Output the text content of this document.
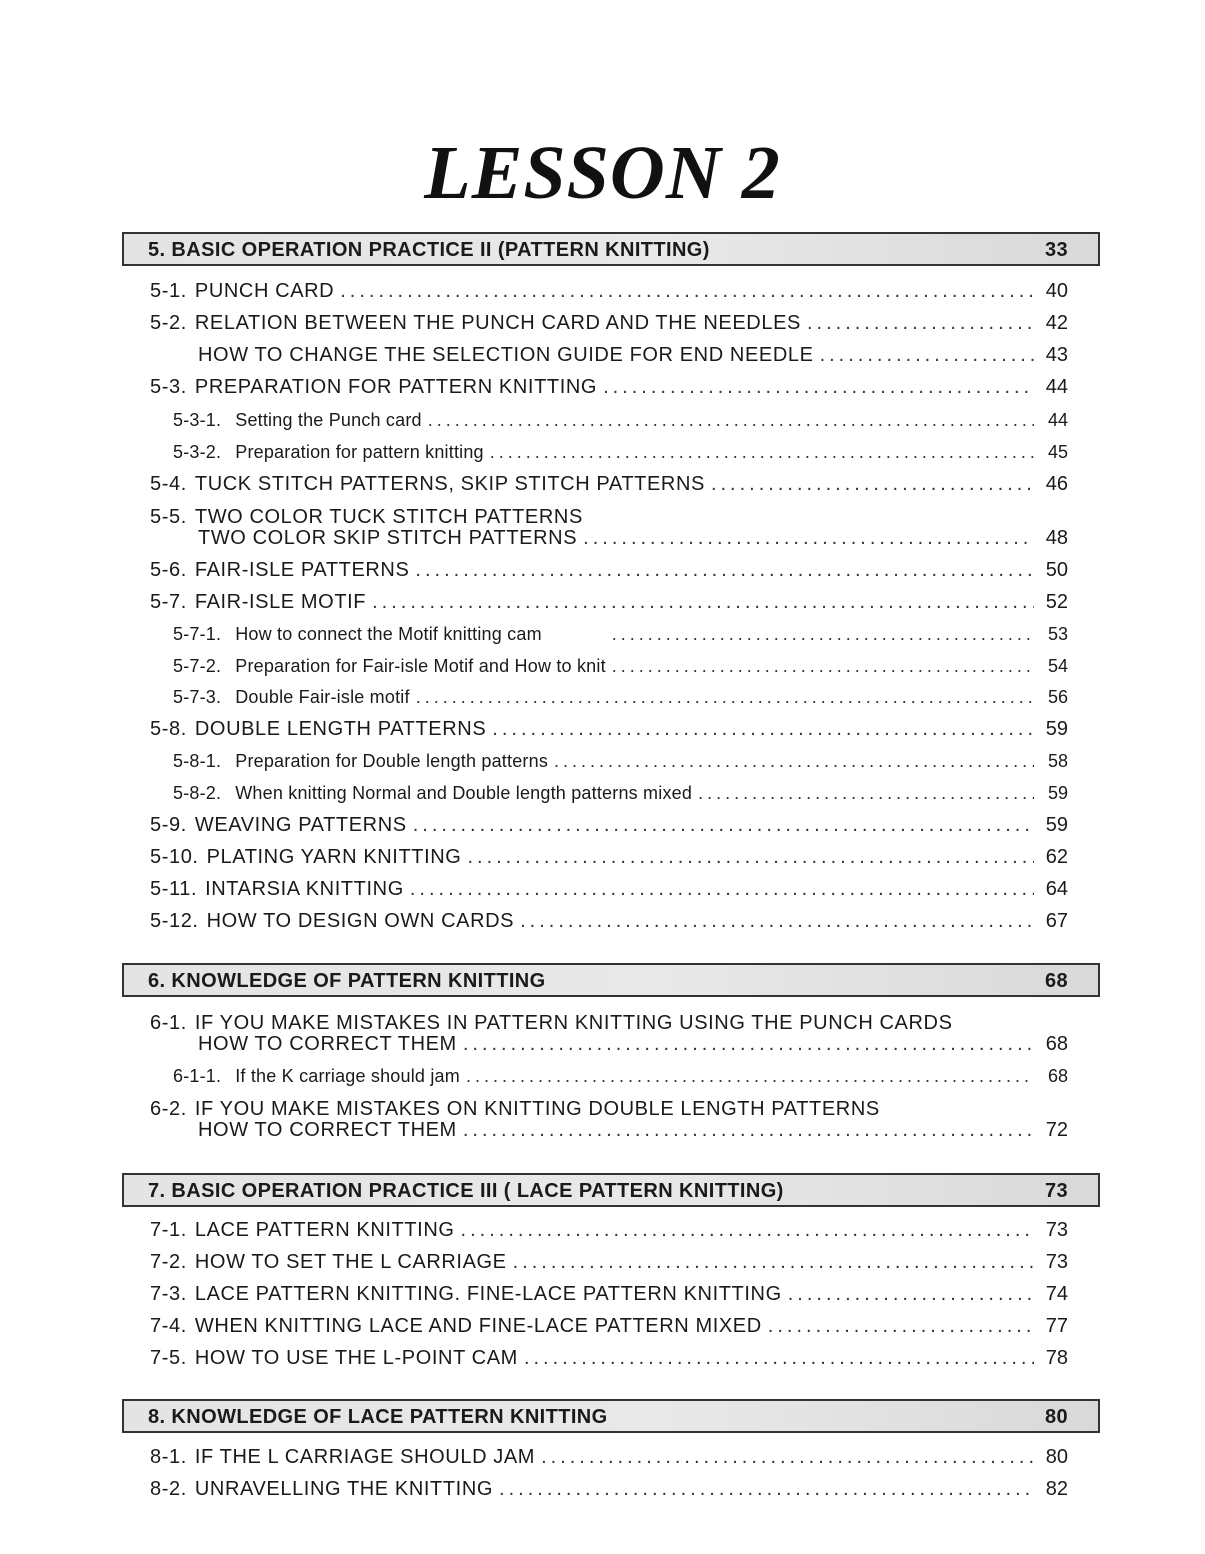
LESSON 2
5. BASIC OPERATION PRACTICE II (PATTERN KNITTING)	33
5-1. PUNCH CARD .....	40
5-2. RELATION BETWEEN THE PUNCH CARD AND THE NEEDLES .....	42
HOW TO CHANGE THE SELECTION GUIDE FOR END NEEDLE .....	43
5-3. PREPARATION FOR PATTERN KNITTING .....	44
5-3-1. Setting the Punch card .....	44
5-3-2. Preparation for pattern knitting .....	45
5-4. TUCK STITCH PATTERNS, SKIP STITCH PATTERNS .....	46
5-5. TWO COLOR TUCK STITCH PATTERNS
TWO COLOR SKIP STITCH PATTERNS .....	48
5-6. FAIR-ISLE PATTERNS .....	50
5-7. FAIR-ISLE MOTIF .....	52
5-7-1. How to connect the Motif knitting cam .....	53
5-7-2. Preparation for Fair-isle Motif and How to knit .....	54
5-7-3. Double Fair-isle motif .....	56
5-8. DOUBLE LENGTH PATTERNS .....	59
5-8-1. Preparation for Double length patterns .....	58
5-8-2. When knitting Normal and Double length patterns mixed .....	59
5-9. WEAVING PATTERNS .....	59
5-10. PLATING YARN KNITTING .....	62
5-11. INTARSIA KNITTING .....	64
5-12. HOW TO DESIGN OWN CARDS .....	67
6. KNOWLEDGE OF PATTERN KNITTING	68
6-1. IF YOU MAKE MISTAKES IN PATTERN KNITTING USING THE PUNCH CARDS
HOW TO CORRECT THEM .....	68
6-1-1. If the K carriage should jam .....	68
6-2. IF YOU MAKE MISTAKES ON KNITTING DOUBLE LENGTH PATTERNS
HOW TO CORRECT THEM .....	72
7. BASIC OPERATION PRACTICE III ( LACE PATTERN KNITTING)	73
7-1. LACE PATTERN KNITTING .....	73
7-2. HOW TO SET THE L CARRIAGE .....	73
7-3. LACE PATTERN KNITTING. FINE-LACE PATTERN KNITTING .....	74
7-4. WHEN KNITTING LACE AND FINE-LACE PATTERN MIXED .....	77
7-5. HOW TO USE THE L-POINT CAM .....	78
8. KNOWLEDGE OF LACE PATTERN KNITTING	80
8-1. IF THE L CARRIAGE SHOULD JAM .....	80
8-2. UNRAVELLING THE KNITTING .....	82
